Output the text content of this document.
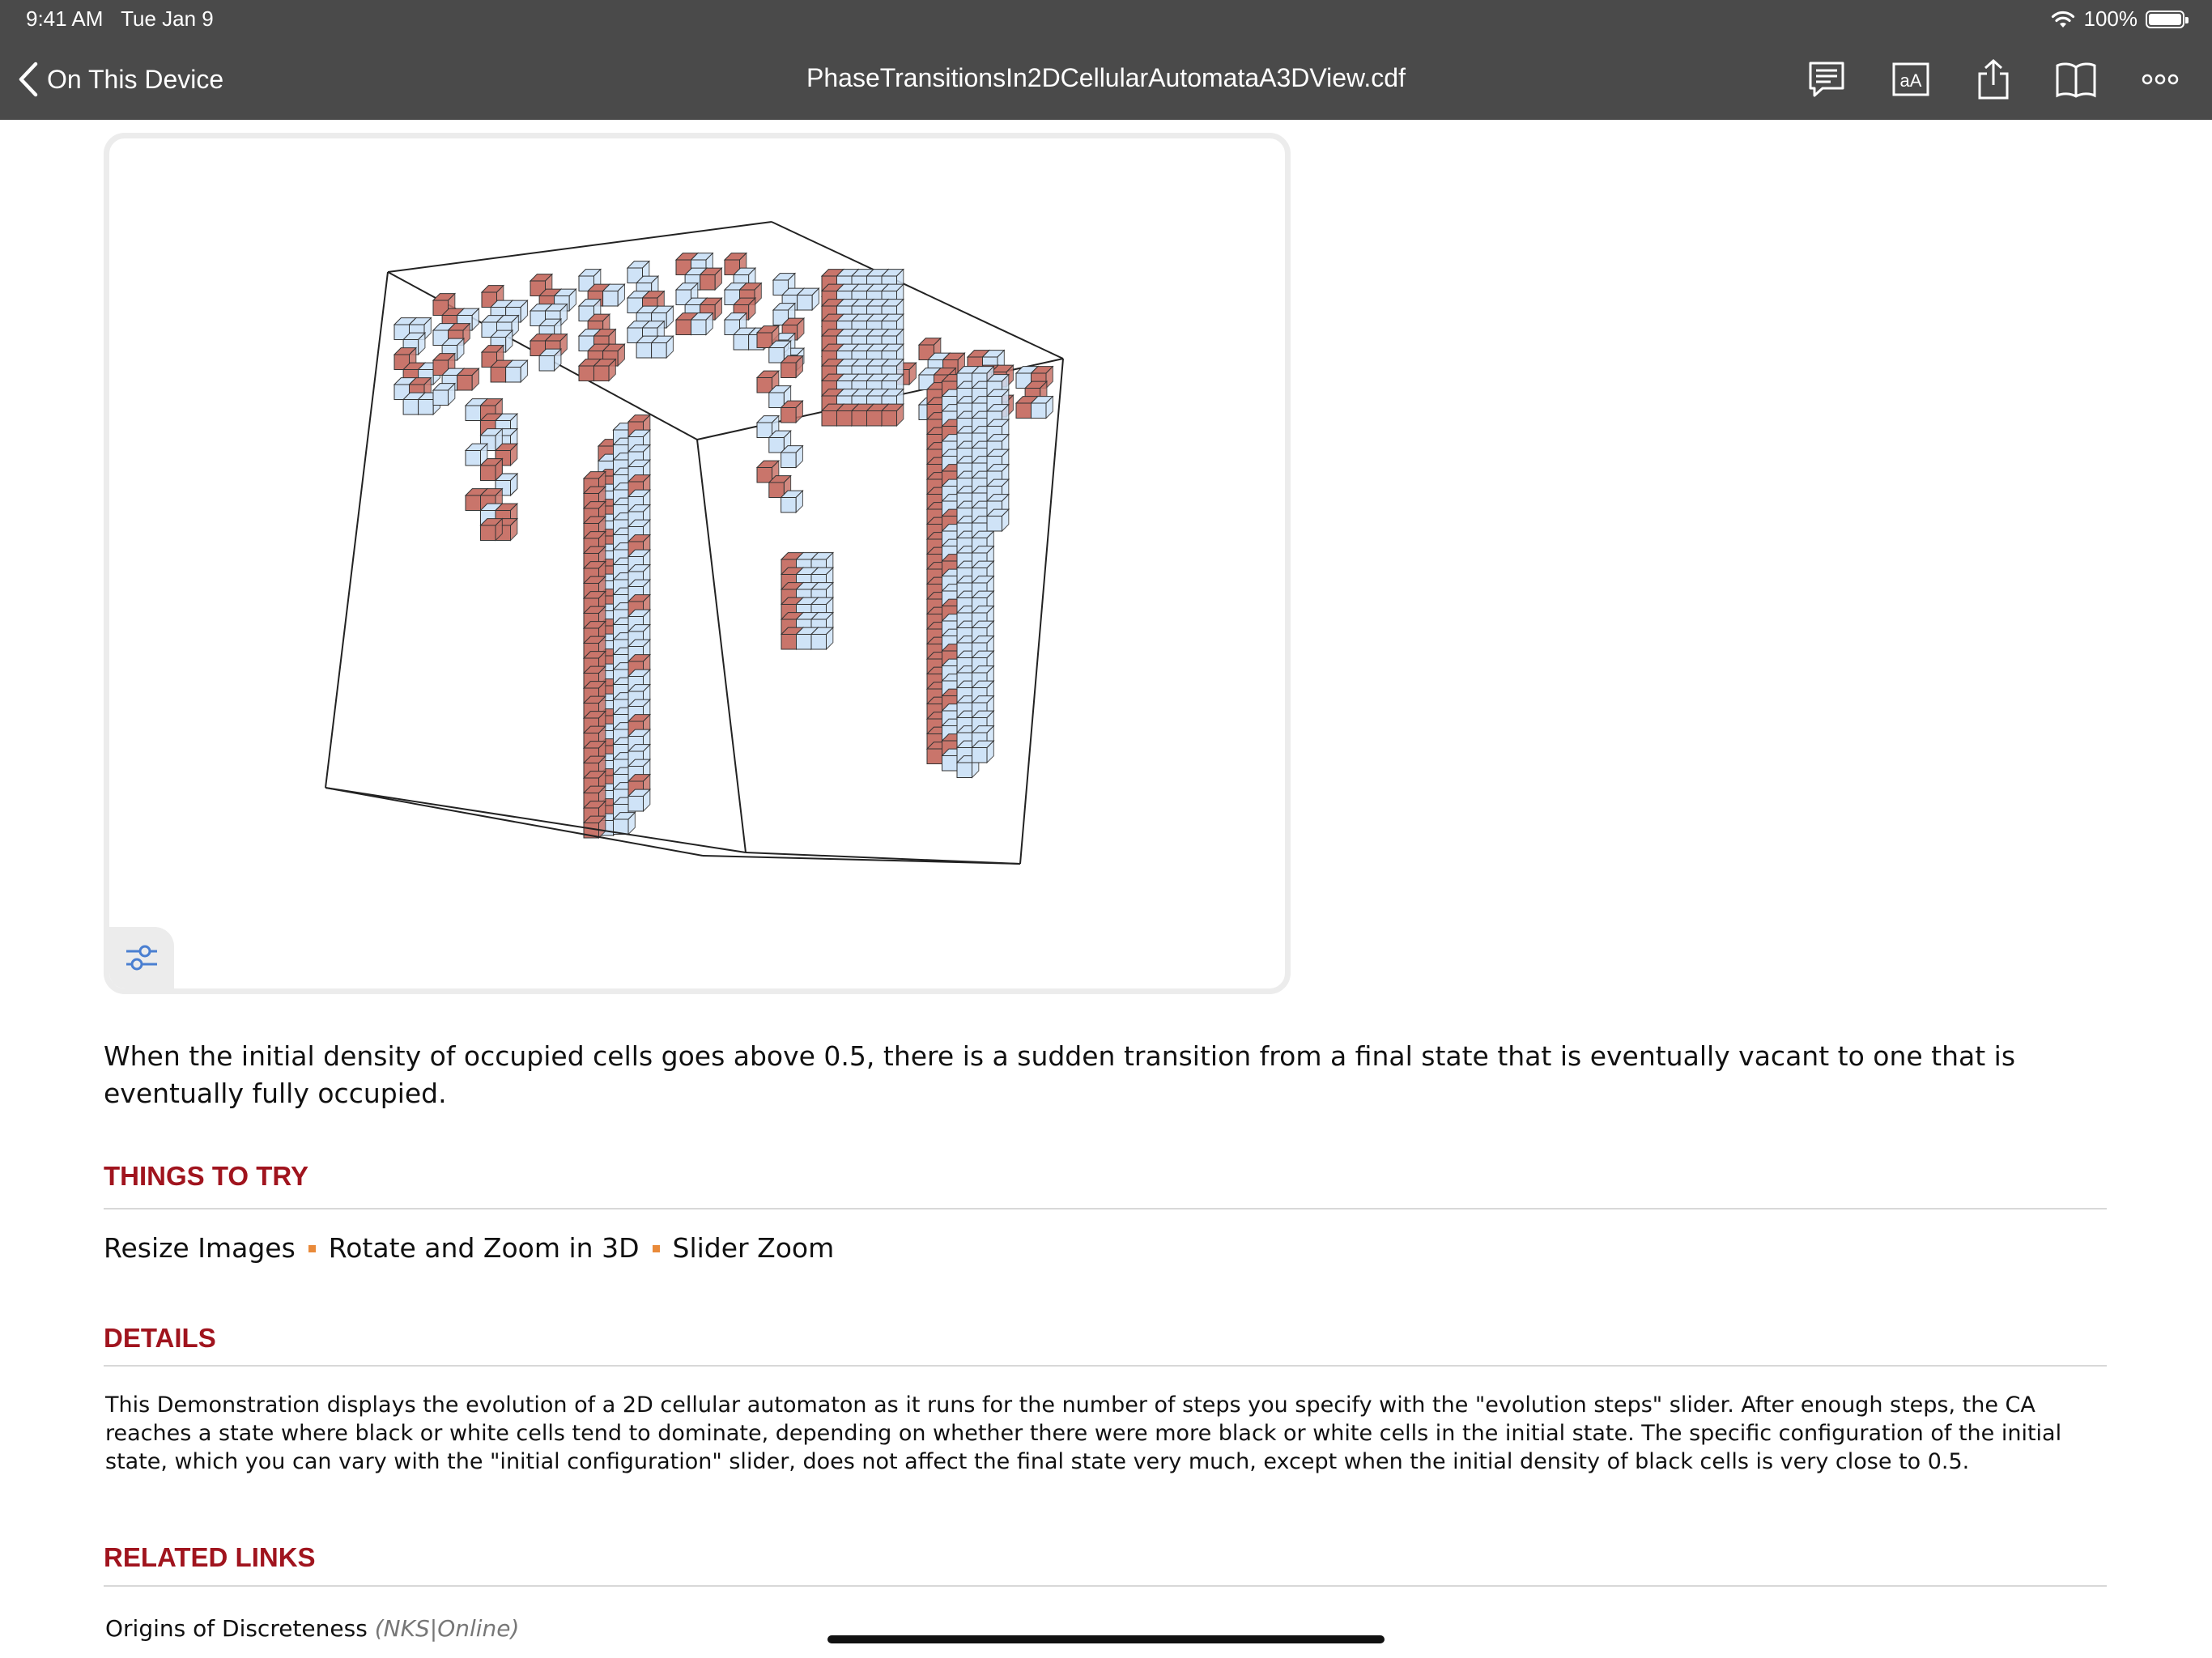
9:41 AM Tue Jan 9	100%
On This Device	PhaseTransitionsIn2DCellularAutomataA3DView.cdf	aA
When the initial density of occupied cells goes above 0.5, there is a sudden transition from a final state that is eventually vacant to one that is eventually fully occupied.
THINGS TO TRY
Resize Images Rotate and Zoom in 3D Slider Zoom
DETAILS
This Demonstration displays the evolution of a 2D cellular automaton as it runs for the number of steps you specify with the "evolution steps" slider. After enough steps, the CA reaches a state where black or white cells tend to dominate, depending on whether there were more black or white cells in the initial state. The specific configuration of the initial state, which you can vary with the "initial configuration" slider, does not affect the final state very much, except when the initial density of black cells is very close to 0.5.
RELATED LINKS
Origins of Discreteness (NKS|Online)
